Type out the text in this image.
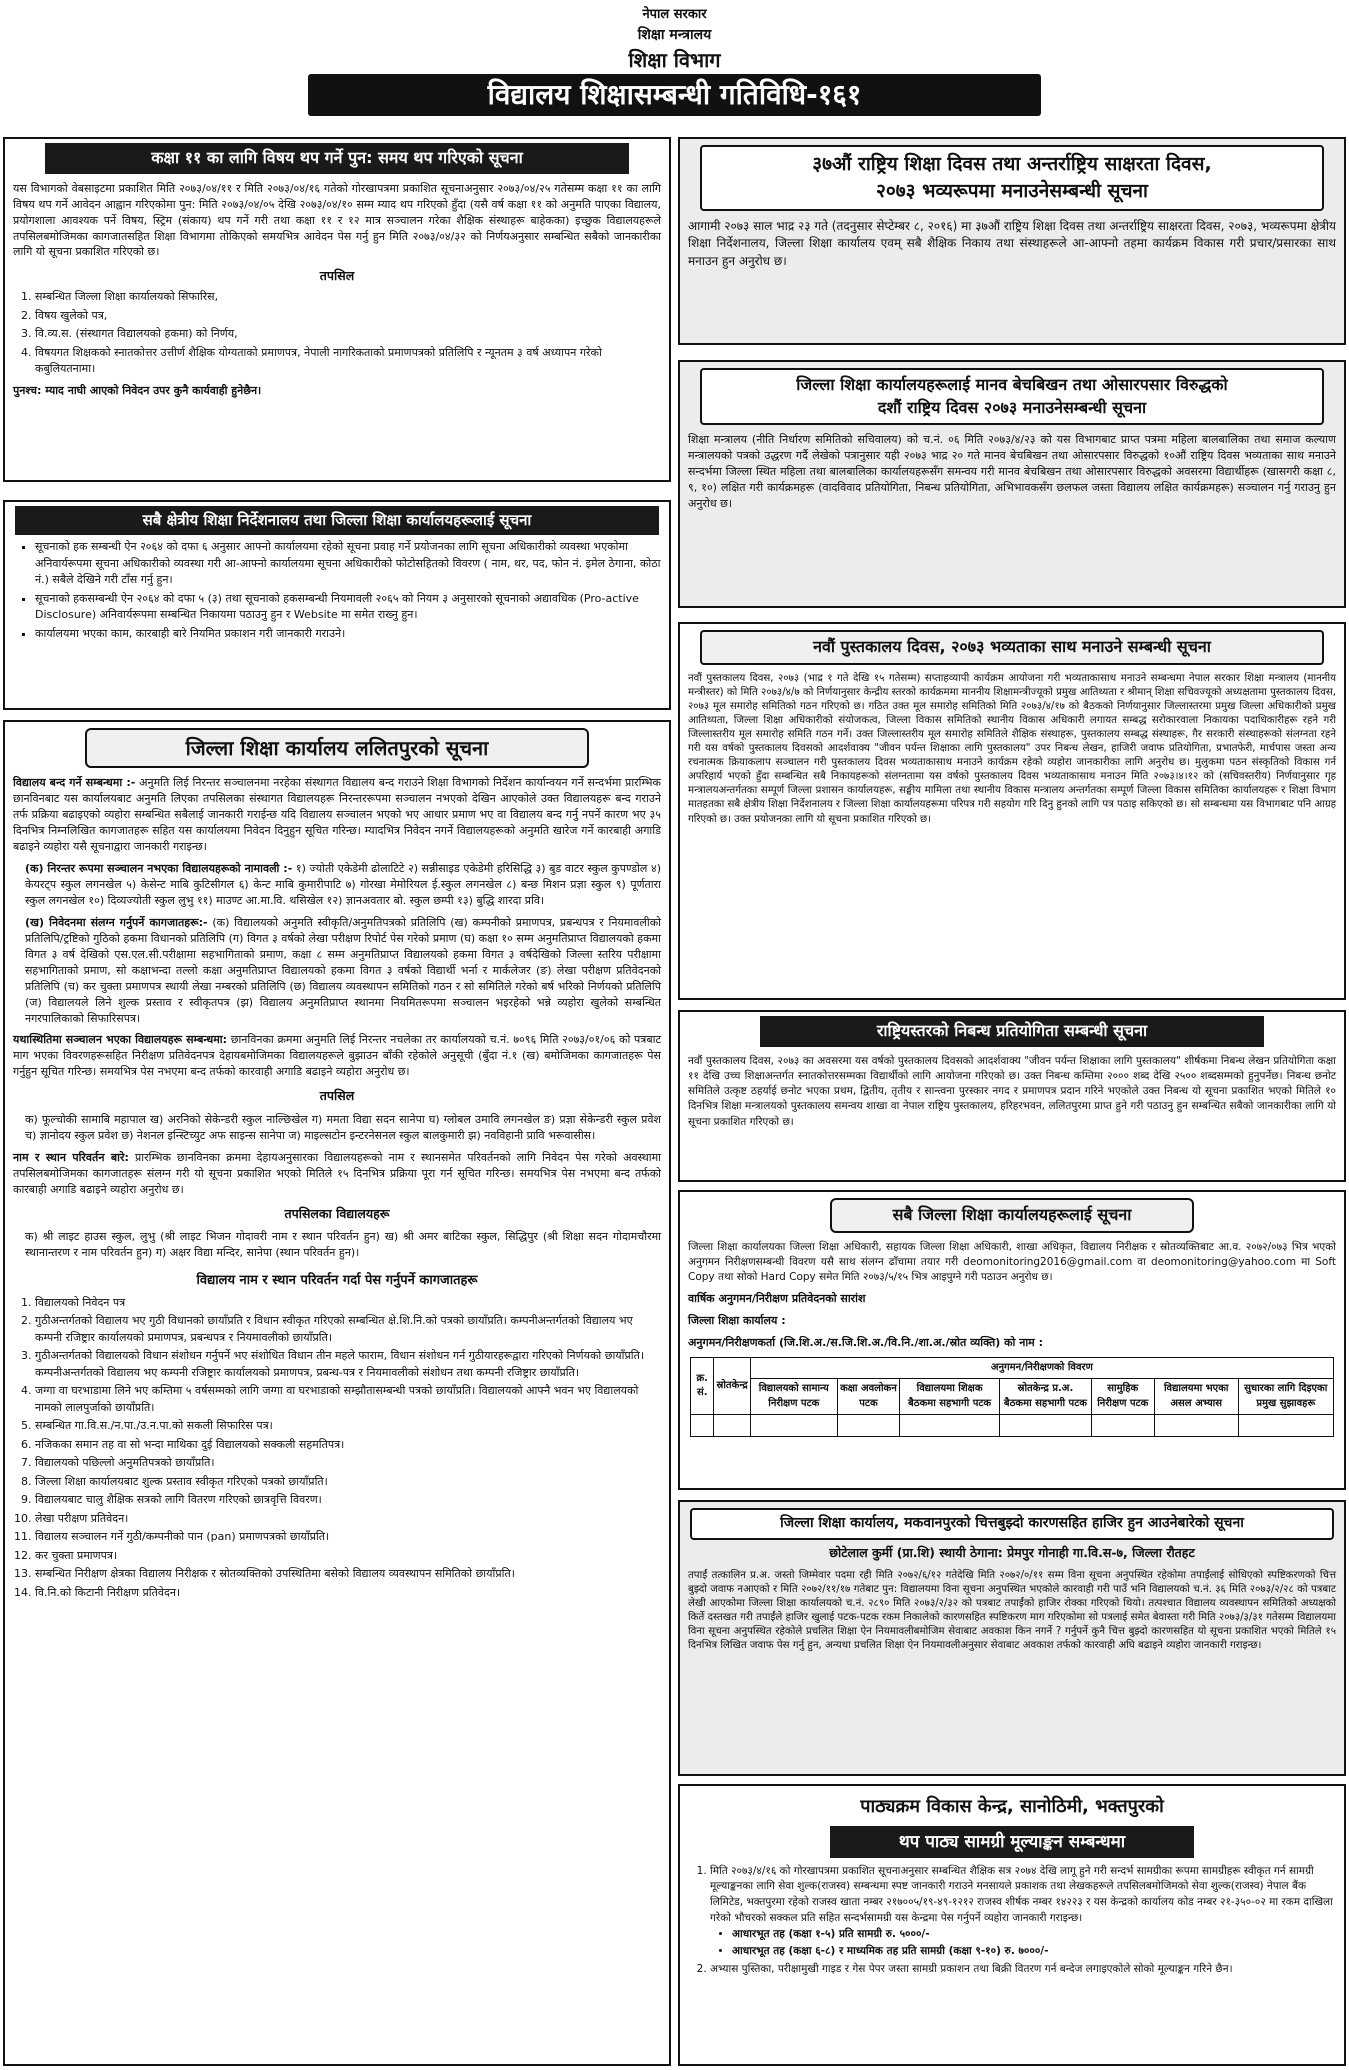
नेपाल सरकार
शिक्षा मन्त्रालय
शिक्षा विभाग
विद्यालय शिक्षासम्बन्धी गतिविधि-१६१
कक्षा ११ का लागि विषय थप गर्ने पुन: समय थप गरिएको सूचना
यस विभागको वेबसाइटमा प्रकाशित मिति २०७३/०४/११ र मिति २०७३/०४/१६ गतेको गोरखापत्रमा प्रकाशित सूचनाअनुसार २०७३/०४/२५ गतेसम्म कक्षा ११ का लागि विषय थप गर्ने आवेदन आह्वान गरिएकोमा पुन: मिति २०७३/०४/०५ देखि २०७३/०४/१० सम्म म्याद थप गरिएको हुँदा (यसै वर्ष कक्षा ११ को अनुमति पाएका विद्यालय, प्रयोगशाला आवश्यक पर्ने विषय, स्ट्रिम (संकाय) थप गर्ने गरी तथा कक्षा ११ र १२ मात्र सञ्चालन गरेका शैक्षिक संस्थाहरू बाहेकका) इच्छुक विद्यालयहरूले तपसिलबमोजिमका कागजातसहित शिक्षा विभागमा तोकिएको समयभित्र आवेदन पेस गर्नु हुन मिति २०७३/०४/३२ को निर्णयअनुसार सम्बन्धित सबैको जानकारीका लागि यो सूचना प्रकाशित गरिएको छ।
तपसिल
1. सम्बन्धित जिल्ला शिक्षा कार्यालयको सिफारिस,
2. विषय खुलेको पत्र,
3. वि.व्य.स. (संस्थागत विद्यालयको हकमा) को निर्णय,
4. विषयगत शिक्षकको स्नातकोत्तर उत्तीर्ण शैक्षिक योग्यताको प्रमाणपत्र, नेपाली नागरिकताको प्रमाणपत्रको प्रतिलिपि र न्यूनतम ३ वर्ष अध्यापन गरेको कबुलियतनामा।
पुनश्च: म्याद नाघी आएको निवेदन उपर कुनै कार्यवाही हुनेछैन।
सबै क्षेत्रीय शिक्षा निर्देशनालय तथा जिल्ला शिक्षा कार्यालयहरूलाई सूचना
▪ सूचनाको हक सम्बन्धी ऐन २०६४ को दफा ६ अनुसार आफ्नो कार्यालयमा रहेको सूचना प्रवाह गर्ने प्रयोजनका लागि सूचना अधिकारीको व्यवस्था भएकोमा अनिवार्यरूपमा सूचना अधिकारीको व्यवस्था गरी आ-आफ्नो कार्यालयमा सूचना अधिकारीको फोटोसहितको विवरण ( नाम, थर, पद, फोन नं. इमेल ठेगाना, कोठा नं.) सबैले देखिने गरी टाँस गर्नु हुन।
▪ सूचनाको हकसम्बन्धी ऐन २०६४ को दफा ५ (३) तथा सूचनाको हकसम्बन्धी नियमावली २०६५ को नियम ३ अनुसारको सूचनाको अद्यावधिक (Pro-active Disclosure) अनिवार्यरूपमा सम्बन्धित निकायमा पठाउनु हुन र Website मा समेत राख्नु हुन।
▪ कार्यालयमा भएका काम, कारबाही बारे नियमित प्रकाशन गरी जानकारी गराउने।
जिल्ला शिक्षा कार्यालय ललितपुरको सूचना
विद्यालय बन्द गर्ने सम्बन्धमा :- अनुमति लिई निरन्तर सञ्चालनमा नरहेका संस्थागत विद्यालय बन्द गराउने शिक्षा विभागको निर्देशन कार्यान्वयन गर्ने सन्दर्भमा प्रारम्भिक छानविनबाट यस कार्यालयबाट अनुमति लिएका तपसिलका संस्थागत विद्यालयहरू निरन्तररूपमा सञ्चालन नभएको देखिन आएकोले उक्त विद्यालयहरू बन्द गराउने तर्फ प्रक्रिया बढाइएको व्यहोरा सम्बन्धित सबैलाई जानकारी गराईन्छ यदि विद्यालय सञ्चालन भएको भए आधार प्रमाण भए वा विद्यालय बन्द गर्नु नपर्ने कारण भए ३५ दिनभित्र निम्नलिखित कागजातहरू सहित यस कार्यालयमा निवेदन दिनुहुन सूचित गरिन्छ। म्यादभित्र निवेदन नगर्ने विद्यालयहरूको अनुमति खारेज गर्ने कारबाही अगाडि बढाइने व्यहोरा यसै सूचनाद्वारा जानकारी गराइन्छ।
(क) निरन्तर रूपमा सञ्चालन नभएका विद्यालयहरूको नामावली :- १) ज्योती एकेडेमी ढोलाटिटे २) सन्नीसाइड एकेडेमी हरिसिद्धि ३) बुड वाटर स्कुल कुपण्डोल ४) केयरट्प स्कुल लगनखेल ५) केसेन्ट माबि कुटिसीगल ६) केन्ट माबि कुमारीपाटि ७) गोरखा मेमोरियल ई.स्कुल लगनखेल ८) बन्छ मिशन प्रज्ञा स्कुल ९) पूर्णतारा स्कुल लगनखेल १०) दिव्यज्योती स्कुल लुभु ११) माउण्ट आ.मा.वि. थसिखेल १२) ज्ञानअवतार बो. स्कुल छम्पी १३) बुद्धि शारदा प्रवि।
(ख) निवेदनमा संलग्न गर्नुपर्ने कागजातहरू:- (क) विद्यालयको अनुमति स्वीकृति/अनुमतिपत्रको प्रतिलिपि (ख) कम्पनीको प्रमाणपत्र, प्रबन्धपत्र र नियमावलीको प्रतिलिपि/ट्रष्टिको गुठिको हकमा विधानको प्रतिलिपि (ग) विगत ३ वर्षको लेखा परीक्षण रिपोर्ट पेस गरेको प्रमाण (घ) कक्षा १० सम्म अनुमतिप्राप्त विद्यालयको हकमा विगत ३ वर्ष देखिको एस.एल.सी.परीक्षामा सहभागिताको प्रमाण, कक्षा ८ सम्म अनुमतिप्राप्त विद्यालयको हकमा विगत ३ वर्षदेखिको जिल्ला स्तरिय परीक्षामा सहभागिताको प्रमाण, सो कक्षाभन्दा तल्लो कक्षा अनुमतिप्राप्त विद्यालयको हकमा विगत ३ वर्षको विद्यार्थी भर्ना र मार्कलेजर (ङ) लेखा परीक्षण प्रतिवेदनको प्रतिलिपि (च) कर चुक्ता प्रमाणपत्र स्थायी लेखा नम्बरको प्रतिलिपि (छ) विद्यालय व्यवस्थापन समितिको गठन र सो समितिले गरेको बर्ष भरिको निर्णयको प्रतिलिपि (ज) विद्यालयले लिने शुल्क प्रस्ताव र स्वीकृतपत्र (झ) विद्यालय अनुमतिप्राप्त स्थानमा नियमितरूपमा सञ्चालन भइरहेको भन्ने व्यहोरा खुलेको सम्बन्धित नगरपालिकाको सिफारिसपत्र।
यथास्थितिमा सञ्चालन भएका विद्यालयहरू सम्बन्धमा: छानविनका क्रममा अनुमति लिई निरन्तर नचलेका तर कार्यालयको च.नं. ७०९६ मिति २०७३/०१/०६ को पत्रबाट माग भएका विवरणहरूसहित निरीक्षण प्रतिवेदनपत्र देहायबमोजिमका विद्यालयहरूले बुझाउन बाँकी रहेकोले अनुसूची (बुँदा नं.१ (ख) बमोजिमका कागजातहरू पेस गर्नुहुन सूचित गरिन्छ। समयभित्र पेस नभएमा बन्द तर्फको कारवाही अगाडि बढाइने व्यहोरा अनुरोध छ।
तपसिल
क) फूल्चोकी सामाबि महापाल ख) अरनिको सेकेन्डरी स्कुल नाल्छिखेल ग) ममता विद्या सदन सानेपा घ) ग्लोबल उमावि लगनखेल ङ) प्रज्ञा सेकेन्डरी स्कुल प्रवेश च) ज्ञानोदय स्कुल प्रवेश छ) नेशनल इन्स्टिच्युट अफ साइन्स सानेपा ज) माइल्सटोन इन्टरनेसनल स्कुल बालकुमारी झ) नवविहानी प्रावि भरूवासीस।
नाम र स्थान परिवर्तन बारे: प्रारम्भिक छानविनका क्रममा देहायअनुसारका विद्यालयहरूको नाम र स्थानसमेत परिवर्तनको लागि निवेदन पेस गरेको अवस्थामा तपसिलबमोजिमका कागजातहरू संलग्न गरी यो सूचना प्रकाशित भएको मितिले १५ दिनभित्र प्रक्रिया पूरा गर्न सूचित गरिन्छ। समयभित्र पेस नभएमा बन्द तर्फको कारबाही अगाडि बढाइने व्यहोरा अनुरोध छ।
तपसिलका विद्यालयहरू
क) श्री लाइट हाउस स्कुल, लुभु (श्री लाइट भिजन गोदावरी नाम र स्थान परिवर्तन हुन) ख) श्री अमर बाटिका स्कुल, सिद्धिपुर (श्री शिक्षा सदन गोदामचौरमा स्थानान्तरण र नाम परिवर्तन हुन) ग) अक्षर विद्या मन्दिर, सानेपा (स्थान परिवर्तन हुन)।
विद्यालय नाम र स्थान परिवर्तन गर्दा पेस गर्नुपर्ने कागजातहरू
1. विद्यालयको निवेदन पत्र
2. गुठीअन्तर्गतको विद्यालय भए गुठी विधानको छायाँप्रति र विधान स्वीकृत गरिएको सम्बन्धित क्षे.शि.नि.को पत्रको छायाँप्रति। कम्पनीअन्तर्गतको विद्यालय भए कम्पनी रजिष्ट्रार कार्यालयको प्रमाणपत्र, प्रबन्धपत्र र नियमावलीको छायाँप्रति।
3. गुठीअन्तर्गतको विद्यालयको विधान संशोधन गर्नुपर्ने भए संशोधित विधान तीन महले फाराम, विधान संशोधन गर्न गुठीयारहरूद्वारा गरिएको निर्णयको छायाँप्रति। कम्पनीअन्तर्गतको विद्यालय भए कम्पनी रजिष्ट्रार कार्यालयको प्रमाणपत्र, प्रबन्ध-पत्र र नियमावलीको संशोधन तथा कम्पनी रजिष्ट्रार छायाँप्रति।
4. जग्गा वा घरभाडामा लिने भए कम्तिमा ५ वर्षसम्मको लागि जग्गा वा घरभाडाको सम्झौतासम्बन्धी पत्रको छायाँप्रति। विद्यालयको आफ्नै भवन भए विद्यालयको नामको लालपुर्जाको छायाँप्रति।
5. सम्बन्धित गा.वि.स./न.पा./उ.न.पा.को सकली सिफारिस पत्र।
6. नजिकका समान तह वा सो भन्दा माथिका दुई विद्यालयको सक्कली सहमतिपत्र।
7. विद्यालयको पछिल्लो अनुमतिपत्रको छायाँप्रति।
8. जिल्ला शिक्षा कार्यालयबाट शुल्क प्रस्ताव स्वीकृत गरिएको पत्रको छायाँप्रति।
9. विद्यालयबाट चालु शैक्षिक सत्रको लागि वितरण गरिएको छात्रवृत्ति विवरण।
10. लेखा परीक्षण प्रतिवेदन।
11. विद्यालय सञ्चालन गर्ने गुठी/कम्पनीको पान (pan) प्रमाणपत्रको छायाँप्रति।
12. कर चुक्ता प्रमाणपत्र।
13. सम्बन्धित निरीक्षण क्षेत्रका विद्यालय निरीक्षक र स्रोतव्यक्तिको उपस्थितिमा बसेको विद्यालय व्यवस्थापन समितिको छायाँप्रति।
14. वि.नि.को किटानी निरीक्षण प्रतिवेदन।
३७औं राष्ट्रिय शिक्षा दिवस तथा अन्तर्राष्ट्रिय साक्षरता दिवस,
२०७३ भव्यरूपमा मनाउनेसम्बन्धी सूचना
आगामी २०७३ साल भाद्र २३ गते (तदनुसार सेप्टेम्बर ८, २०१६) मा ३७औं राष्ट्रिय शिक्षा दिवस तथा अन्तर्राष्ट्रिय साक्षरता दिवस, २०७३, भव्यरूपमा क्षेत्रीय शिक्षा निर्देशनालय, जिल्ला शिक्षा कार्यालय एवम् सबै शैक्षिक निकाय तथा संस्थाहरूले आ-आफ्नो तहमा कार्यक्रम विकास गरी प्रचार/प्रसारका साथ मनाउन हुन अनुरोध छ।
जिल्ला शिक्षा कार्यालयहरूलाई मानव बेचबिखन तथा ओसारपसार विरुद्धको
दशौं राष्ट्रिय दिवस २०७३ मनाउनेसम्बन्धी सूचना
शिक्षा मन्त्रालय (नीति निर्धारण समितिको सचिवालय) को च.नं. ०६ मिति २०७३/४/२३ को यस विभागबाट प्राप्त पत्रमा महिला बालबालिका तथा समाज कल्याण मन्त्रालयको पत्रको उद्धरण गर्दै लेखेको पत्रानुसार यही २०७३ भाद्र २० गते मानव बेचबिखन तथा ओसारपसार विरुद्धको १०औं राष्ट्रिय दिवस भव्यताका साथ मनाउने सन्दर्भमा जिल्ला स्थित महिला तथा बालबालिका कार्यालयहरूसँग समन्वय गरी मानव बेचबिखन तथा ओसारपसार विरुद्धको अवसरमा विद्यार्थीहरू (खासगरी कक्षा ८, ९, १०) लक्षित गरी कार्यक्रमहरू (वादविवाद प्रतियोगिता, निबन्ध प्रतियोगिता, अभिभावकसँग छलफल जस्ता विद्यालय लक्षित कार्यक्रमहरू) सञ्चालन गर्नु गराउनु हुन अनुरोध छ।
नवौं पुस्तकालय दिवस, २०७३ भव्यताका साथ मनाउने सम्बन्धी सूचना
नवौं पुस्तकालय दिवस, २०७३ (भाद्र १ गते देखि १५ गतेसम्म) सप्ताहव्यापी कार्यक्रम आयोजना गरी भव्यताकासाथ मनाउने सम्बन्धमा नेपाल सरकार शिक्षा मन्त्रालय (माननीय मन्त्रीस्तर) को मिति २०७३/४/७ को निर्णयानुसार केन्द्रीय स्तरको कार्यक्रममा माननीय शिक्षामन्त्रीज्यूको प्रमुख आतिथ्यता र श्रीमान् शिक्षा सचिवज्यूको अध्यक्षतामा पुस्तकालय दिवस, २०७३ मूल समारोह समितिको गठन गरिएको छ। गठित उक्त मूल समारोह समितिको मिति २०७३/४/१७ को बैठकको निर्णयानुसार जिल्लास्तरमा प्रमुख जिल्ला अधिकारीको प्रमुख आतिथ्यता, जिल्ला शिक्षा अधिकारीको संयोजकत्व, जिल्ला विकास समितिको स्थानीय विकास अधिकारी लगायत सम्बद्ध सरोकारवाला निकायका पदाधिकारीहरू रहने गरी जिल्लास्तरीय मूल समारोह समिति गठन गर्ने। उक्त जिल्लास्तरीय मूल समारोह समितिले शैक्षिक संस्थाहरू, पुस्तकालय सम्बद्ध संस्थाहरू, गैर सरकारी संस्थाहरूको संलग्नता रहने गरी यस वर्षको पुस्तकालय दिवसको आदर्शवाक्य "जीवन पर्यन्त शिक्षाका लागि पुस्तकालय" उपर निबन्ध लेखन, हाजिरी जवाफ प्रतियोगिता, प्रभातफेरी, मार्चपास जस्ता अन्य रचनात्मक क्रियाकलाप सञ्चालन गरी पुस्तकालय दिवस भव्यताकासाथ मनाउने कार्यक्रम रहेको व्यहोरा जानकारीका लागि अनुरोध छ। मुलुकमा पठन संस्कृतिको विकास गर्न अपरिहार्य भएको हुँदा सम्बन्धित सबै निकायहरूको संलग्नतामा यस वर्षको पुस्तकालय दिवस भव्यताकासाथ मनाउन मिति २०७३।४।१२ को (सचिवस्तरीय) निर्णयानुसार गृह मन्त्रालयअन्तर्गतका सम्पूर्ण जिल्ला प्रशासन कार्यालयहरू, सङ्घीय मामिला तथा स्थानीय विकास मन्त्रालय अन्तर्गतका सम्पूर्ण जिल्ला विकास समितिका कार्यालयहरू र शिक्षा विभाग मातहतका सबै क्षेत्रीय शिक्षा निर्देशनालय र जिल्ला शिक्षा कार्यालयहरूमा परिपत्र गरी सहयोग गरि दिनु हुनको लागि पत्र पठाइ सकिएको छ। सो सम्बन्धमा यस विभागबाट पनि आग्रह गरिएको छ। उक्त प्रयोजनका लागि यो सूचना प्रकाशित गरिएको छ।
राष्ट्रियस्तरको निबन्ध प्रतियोगिता सम्बन्धी सूचना
नवौं पुस्तकालय दिवस, २०७३ का अवसरमा यस वर्षको पुस्तकालय दिवसको आदर्शवाक्य "जीवन पर्यन्त शिक्षाका लागि पुस्तकालय" शीर्षकमा निबन्ध लेखन प्रतियोगिता कक्षा ११ देखि उच्च शिक्षाअन्तर्गत स्नातकोत्तरसम्मका विद्यार्थीको लागि आयोजना गरिएको छ। उक्त निबन्ध कम्तिमा २००० शब्द देखि २५०० शब्दसम्मको हुनुपर्नेछ। निबन्ध छनोट समितिले उत्कृष्ट ठहर्याई छनोट भएका प्रथम, द्वितीय, तृतीय र सान्त्वना पुरस्कार नगद र प्रमाणपत्र प्रदान गरिने भएकोले उक्त निबन्ध यो सूचना प्रकाशित भएको मितिले १० दिनभित्र शिक्षा मन्त्रालयको पुस्तकालय समन्वय शाखा वा नेपाल राष्ट्रिय पुस्तकालय, हरिहरभवन, ललितपुरमा प्राप्त हुने गरी पठाउनु हुन सम्बन्धित सबैको जानकारीका लागि यो सूचना प्रकाशित गरिएको छ।
सबै जिल्ला शिक्षा कार्यालयहरूलाई सूचना
जिल्ला शिक्षा कार्यालयका जिल्ला शिक्षा अधिकारी, सहायक जिल्ला शिक्षा अधिकारी, शाखा अधिकृत, विद्यालय निरीक्षक र स्रोतव्यक्तिबाट आ.व. २०७२/०७३ भित्र भएको अनुगमन निरीक्षणसम्बन्धी विवरण यसै साथ संलग्न ढाँचामा तयार गरी deomonitoring2016@gmail.com वा deomonitoring@yahoo.com मा Soft Copy तथा सोको Hard Copy समेत मिति २०७३/५/१५ भित्र आइपुग्ने गरी पठाउन अनुरोध छ।
वार्षिक अनुगमन/निरीक्षण प्रतिवेदनको सारांश
जिल्ला शिक्षा कार्यालय :
अनुगमन/निरीक्षणकर्ता (जि.शि.अ./स.जि.शि.अ./वि.नि./शा.अ./स्रोत व्यक्ति) को नाम :
क्र. सं.	स्रोतकेन्द्र	अनुगमन/निरीक्षणको विवरण						
		विद्यालयको सामान्य निरीक्षण पटक	कक्षा अवलोकन पटक	विद्यालयमा शिक्षक बैठकमा सहभागी पटक	स्रोतकेन्द्र प्र.अ. बैठकमा सहभागी पटक	सामुहिक निरीक्षण पटक	विद्यालयमा भएका असल अभ्यास	सुधारका लागि दिइएका प्रमुख सुझावहरू

जिल्ला शिक्षा कार्यालय, मकवानपुरको चित्तबुझ्दो कारणसहित हाजिर हुन आउनेबारेको सूचना
छोटेलाल कुर्मी (प्रा.शि) स्थायी ठेगाना: प्रेमपुर गोनाही गा.वि.स-७, जिल्ला रौतहट
तपाईं तत्कालिन प्र.अ. जस्तो जिम्मेवार पदमा रही मिति २०७२/६/१२ गतेदेखि मिति २०७२/०/११ सम्म विना सूचना अनुपस्थित रहेकोमा तपाईंलाई सोधिएको स्पष्टिकरणको चित्त बुझ्दो जवाफ नआएको र मिति २०७२/११/१७ गतेबाट पुन: विद्यालयमा विना सूचना अनुपस्थित भएकोले कारवाही गरी पाउँ भनि विद्यालयको च.नं. ३६ मिति २०७३/२/२८ को पत्रबाट लेखी आएकोमा जिल्ला शिक्षा कार्यालयको च.नं. २८९० मिति २०७३/२/३२ को पत्रबाट तपाईंको हाजिर रोक्का गरिएको थियो। तत्पश्चात विद्यालय व्यवस्थापन समितिको अध्यक्षको किर्ते दस्तखत गरी तपाईंले हाजिर खुलाई पटक-पटक रकम निकालेको कारणसहित स्पष्टिकरण माग गरिएकोमा सो पत्रलाई समेत बेवास्ता गरी मिति २०७३/३/३१ गतेसम्म विद्यालयमा विना सूचना अनुपस्थित रहेकोले प्रचलित शिक्षा ऐन नियमावलीबमोजिम सेवाबाट अवकाश किन नगर्ने ? गर्नुपर्ने कुनै चित्त बुझ्दो कारणसहित यो सूचना प्रकाशित भएको मितिले १५ दिनभित्र लिखित जवाफ पेस गर्नु हुन, अन्यथा प्रचलित शिक्षा ऐन नियमावलीअनुसार सेवाबाट अवकाश तर्फको कारवाही अघि बढाइने व्यहोरा जानकारी गराइन्छ।
पाठ्यक्रम विकास केन्द्र, सानोठिमी, भक्तपुरको
थप पाठ्य सामग्री मूल्याङ्कन सम्बन्धमा
1. मिति २०७३/४/१६ को गोरखापत्रमा प्रकाशित सूचनाअनुसार सम्बन्धित शैक्षिक सत्र २०७४ देखि लागू हुने गरी सन्दर्भ सामग्रीका रूपमा सामग्रीहरू स्वीकृत गर्न सामग्री मूल्याङ्कनका लागि सेवा शुल्क(राजस्व) सम्बन्धमा स्पष्ट जानकारी गराउने मनसायले प्रकाशक तथा लेखकहरूले तपसिलबमोजिमको सेवा शुल्क(राजस्व) नेपाल बैंक लिमिटेड, भक्तपुरमा रहेको राजस्व खाता नम्बर २१७००५/१९-४९-१२१२ राजस्व शीर्षक नम्बर १४२२३ र यस केन्द्रको कार्यालय कोड नम्बर २१-३५०-०२ मा रकम दाखिला गरेको भौचरको सक्कल प्रति सहित सन्दर्भसामग्री यस केन्द्रमा पेस गर्नुपर्ने व्यहोरा जानकारी गराइन्छ।
• आधारभूत तह (कक्षा १-५) प्रति सामग्री रु. ५०००/-
• आधारभूत तह (कक्षा ६-८) र माध्यमिक तह प्रति सामग्री (कक्षा ९-१०) रु. ७०००/-
2. अभ्यास पुस्तिका, परीक्षामुखी गाइड र गेस पेपर जस्ता सामग्री प्रकाशन तथा बिक्री वितरण गर्न बन्देज लगाइएकोले सोको मूल्याङ्कन गरिने छैन।
